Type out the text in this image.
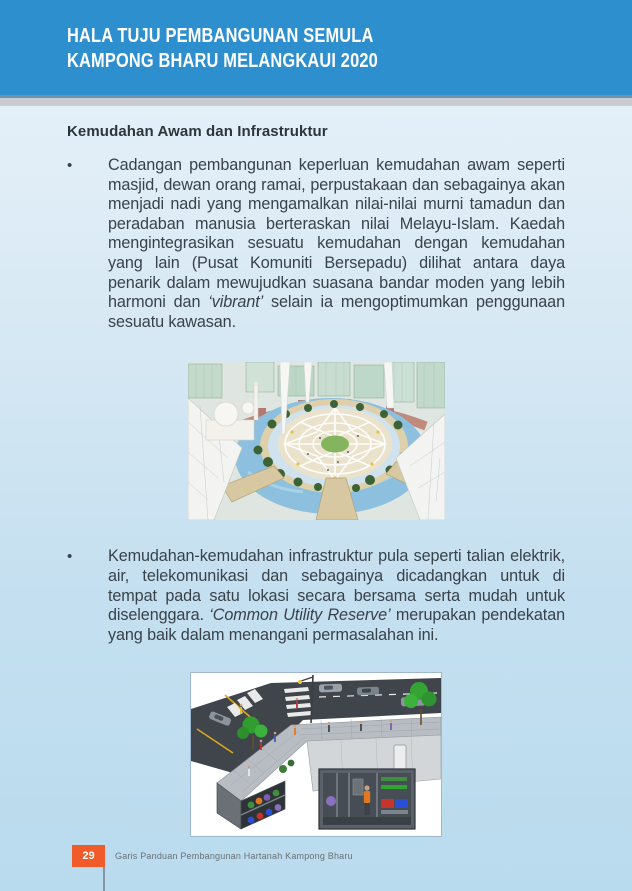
HALA TUJU PEMBANGUNAN SEMULA
KAMPONG BHARU MELANGKAUI 2020
Kemudahan Awam dan Infrastruktur
•	Cadangan pembangunan keperluan kemudahan awam seperti masjid, dewan orang ramai, perpustakaan dan sebagainya akan menjadi nadi yang mengamalkan nilai-nilai murni tamadun dan peradaban manusia berteraskan nilai Melayu-Islam. Kaedah mengintegrasikan sesuatu kemudahan dengan kemudahan yang lain (Pusat Komuniti Bersepadu) dilihat antara daya penarik dalam mewujudkan suasana bandar moden yang lebih harmoni dan ‘vibrant’ selain ia mengoptimumkan penggunaan sesuatu kawasan.
•	Kemudahan-kemudahan infrastruktur pula seperti talian elektrik, air, telekomunikasi dan sebagainya dicadangkan untuk di tempat pada satu lokasi secara bersama serta mudah untuk diselenggara. ‘Common Utility Reserve’ merupakan pendekatan yang baik dalam menangani permasalahan ini.
29	Garis Panduan Pembangunan Hartanah Kampong Bharu
